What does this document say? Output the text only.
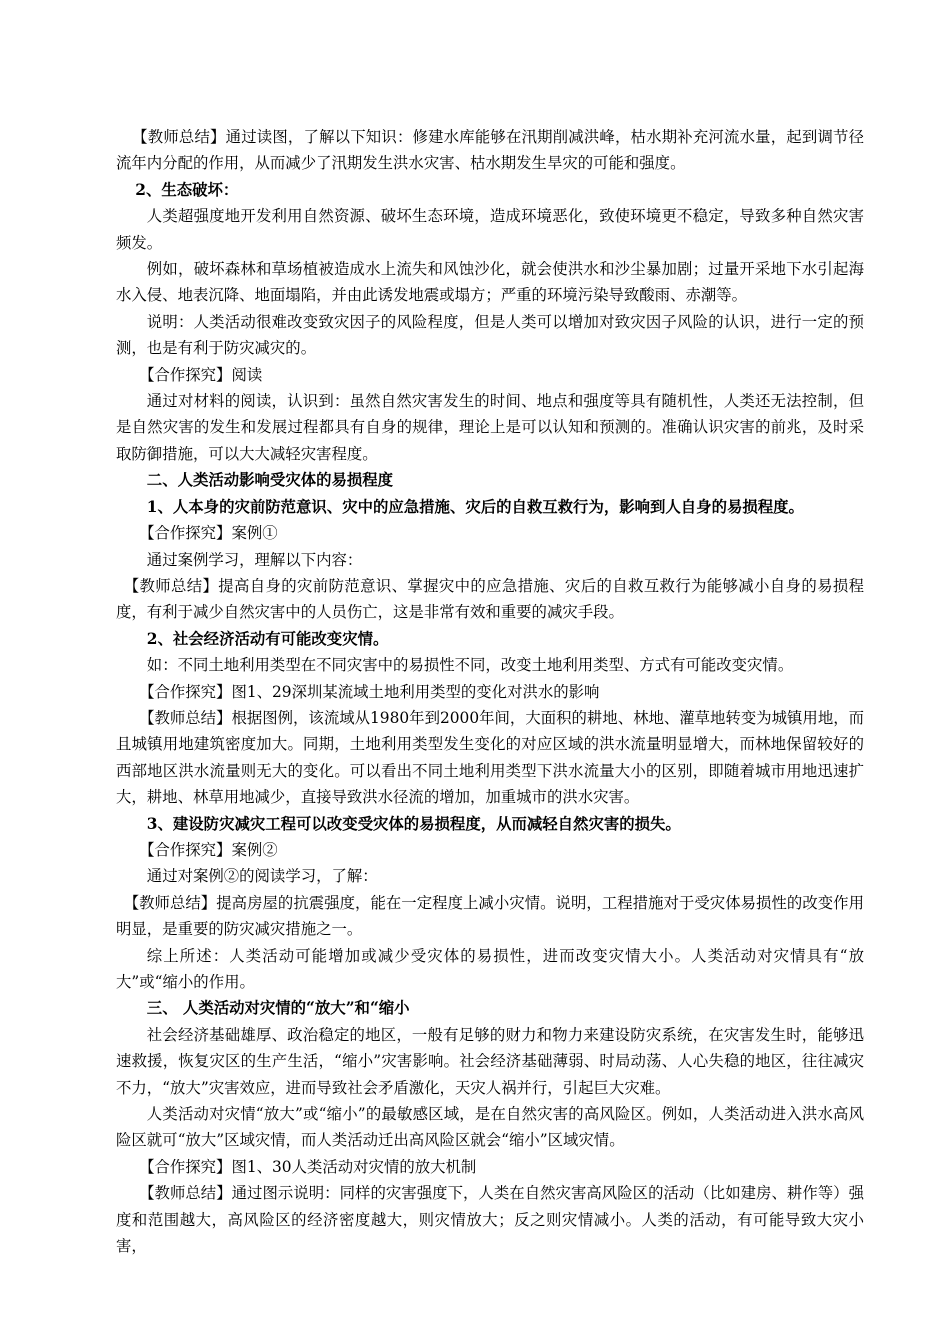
【教师总结】通过读图，了解以下知识：修建水库能够在汛期削减洪峰，枯水期补充河流水量，起到调节径流年内分配的作用，从而减少了汛期发生洪水灾害、枯水期发生旱灾的可能和强度。

2、生态破坏：

人类超强度地开发利用自然资源、破坏生态环境，造成环境恶化，致使环境更不稳定，导致多种自然灾害频发。

例如，破坏森林和草场植被造成水上流失和风蚀沙化，就会使洪水和沙尘暴加剧；过量开采地下水引起海水入侵、地表沉降、地面塌陷，并由此诱发地震或塌方；严重的环境污染导致酸雨、赤潮等。

说明：人类活动很难改变致灾因子的风险程度，但是人类可以增加对致灾因子风险的认识，进行一定的预测，也是有利于防灾减灾的。

【合作探究】阅读

通过对材料的阅读，认识到：虽然自然灾害发生的时间、地点和强度等具有随机性，人类还无法控制，但是自然灾害的发生和发展过程都具有自身的规律，理论上是可以认知和预测的。准确认识灾害的前兆，及时采取防御措施，可以大大减轻灾害程度。

二、人类活动影响受灾体的易损程度

1、人本身的灾前防范意识、灾中的应急措施、灾后的自救互救行为，影响到人自身的易损程度。

【合作探究】案例①

通过案例学习，理解以下内容：

【教师总结】提高自身的灾前防范意识、掌握灾中的应急措施、灾后的自救互救行为能够减小自身的易损程度，有利于减少自然灾害中的人员伤亡，这是非常有效和重要的减灾手段。

2、社会经济活动有可能改变灾情。

如：不同土地利用类型在不同灾害中的易损性不同，改变土地利用类型、方式有可能改变灾情。

【合作探究】图1、29深圳某流域土地利用类型的变化对洪水的影响

【教师总结】根据图例，该流域从1980年到2000年间，大面积的耕地、林地、灌草地转变为城镇用地，而且城镇用地建筑密度加大。同期，土地利用类型发生变化的对应区域的洪水流量明显增大，而林地保留较好的西部地区洪水流量则无大的变化。可以看出不同土地利用类型下洪水流量大小的区别，即随着城市用地迅速扩大，耕地、林草用地减少，直接导致洪水径流的增加，加重城市的洪水灾害。

3、建设防灾减灾工程可以改变受灾体的易损程度，从而减轻自然灾害的损失。

【合作探究】案例②

通过对案例②的阅读学习，了解：

【教师总结】提高房屋的抗震强度，能在一定程度上减小灾情。说明，工程措施对于受灾体易损性的改变作用明显，是重要的防灾减灾措施之一。

综上所述：人类活动可能增加或减少受灾体的易损性，进而改变灾情大小。人类活动对灾情具有“放大”或“缩小的作用。

三、 人类活动对灾情的“放大”和“缩小

社会经济基础雄厚、政治稳定的地区，一般有足够的财力和物力来建设防灾系统，在灾害发生时，能够迅速救援，恢复灾区的生产生活，“缩小”灾害影响。社会经济基础薄弱、时局动荡、人心失稳的地区，往往减灾不力，“放大”灾害效应，进而导致社会矛盾激化，天灾人祸并行，引起巨大灾难。

人类活动对灾情“放大”或“缩小”的最敏感区域，是在自然灾害的高风险区。例如，人类活动进入洪水高风险区就可“放大”区域灾情，而人类活动迁出高风险区就会“缩小”区域灾情。

【合作探究】图1、30人类活动对灾情的放大机制

【教师总结】通过图示说明：同样的灾害强度下，人类在自然灾害高风险区的活动（比如建房、耕作等）强度和范围越大，高风险区的经济密度越大，则灾情放大；反之则灾情减小。人类的活动，有可能导致大灾小害，
